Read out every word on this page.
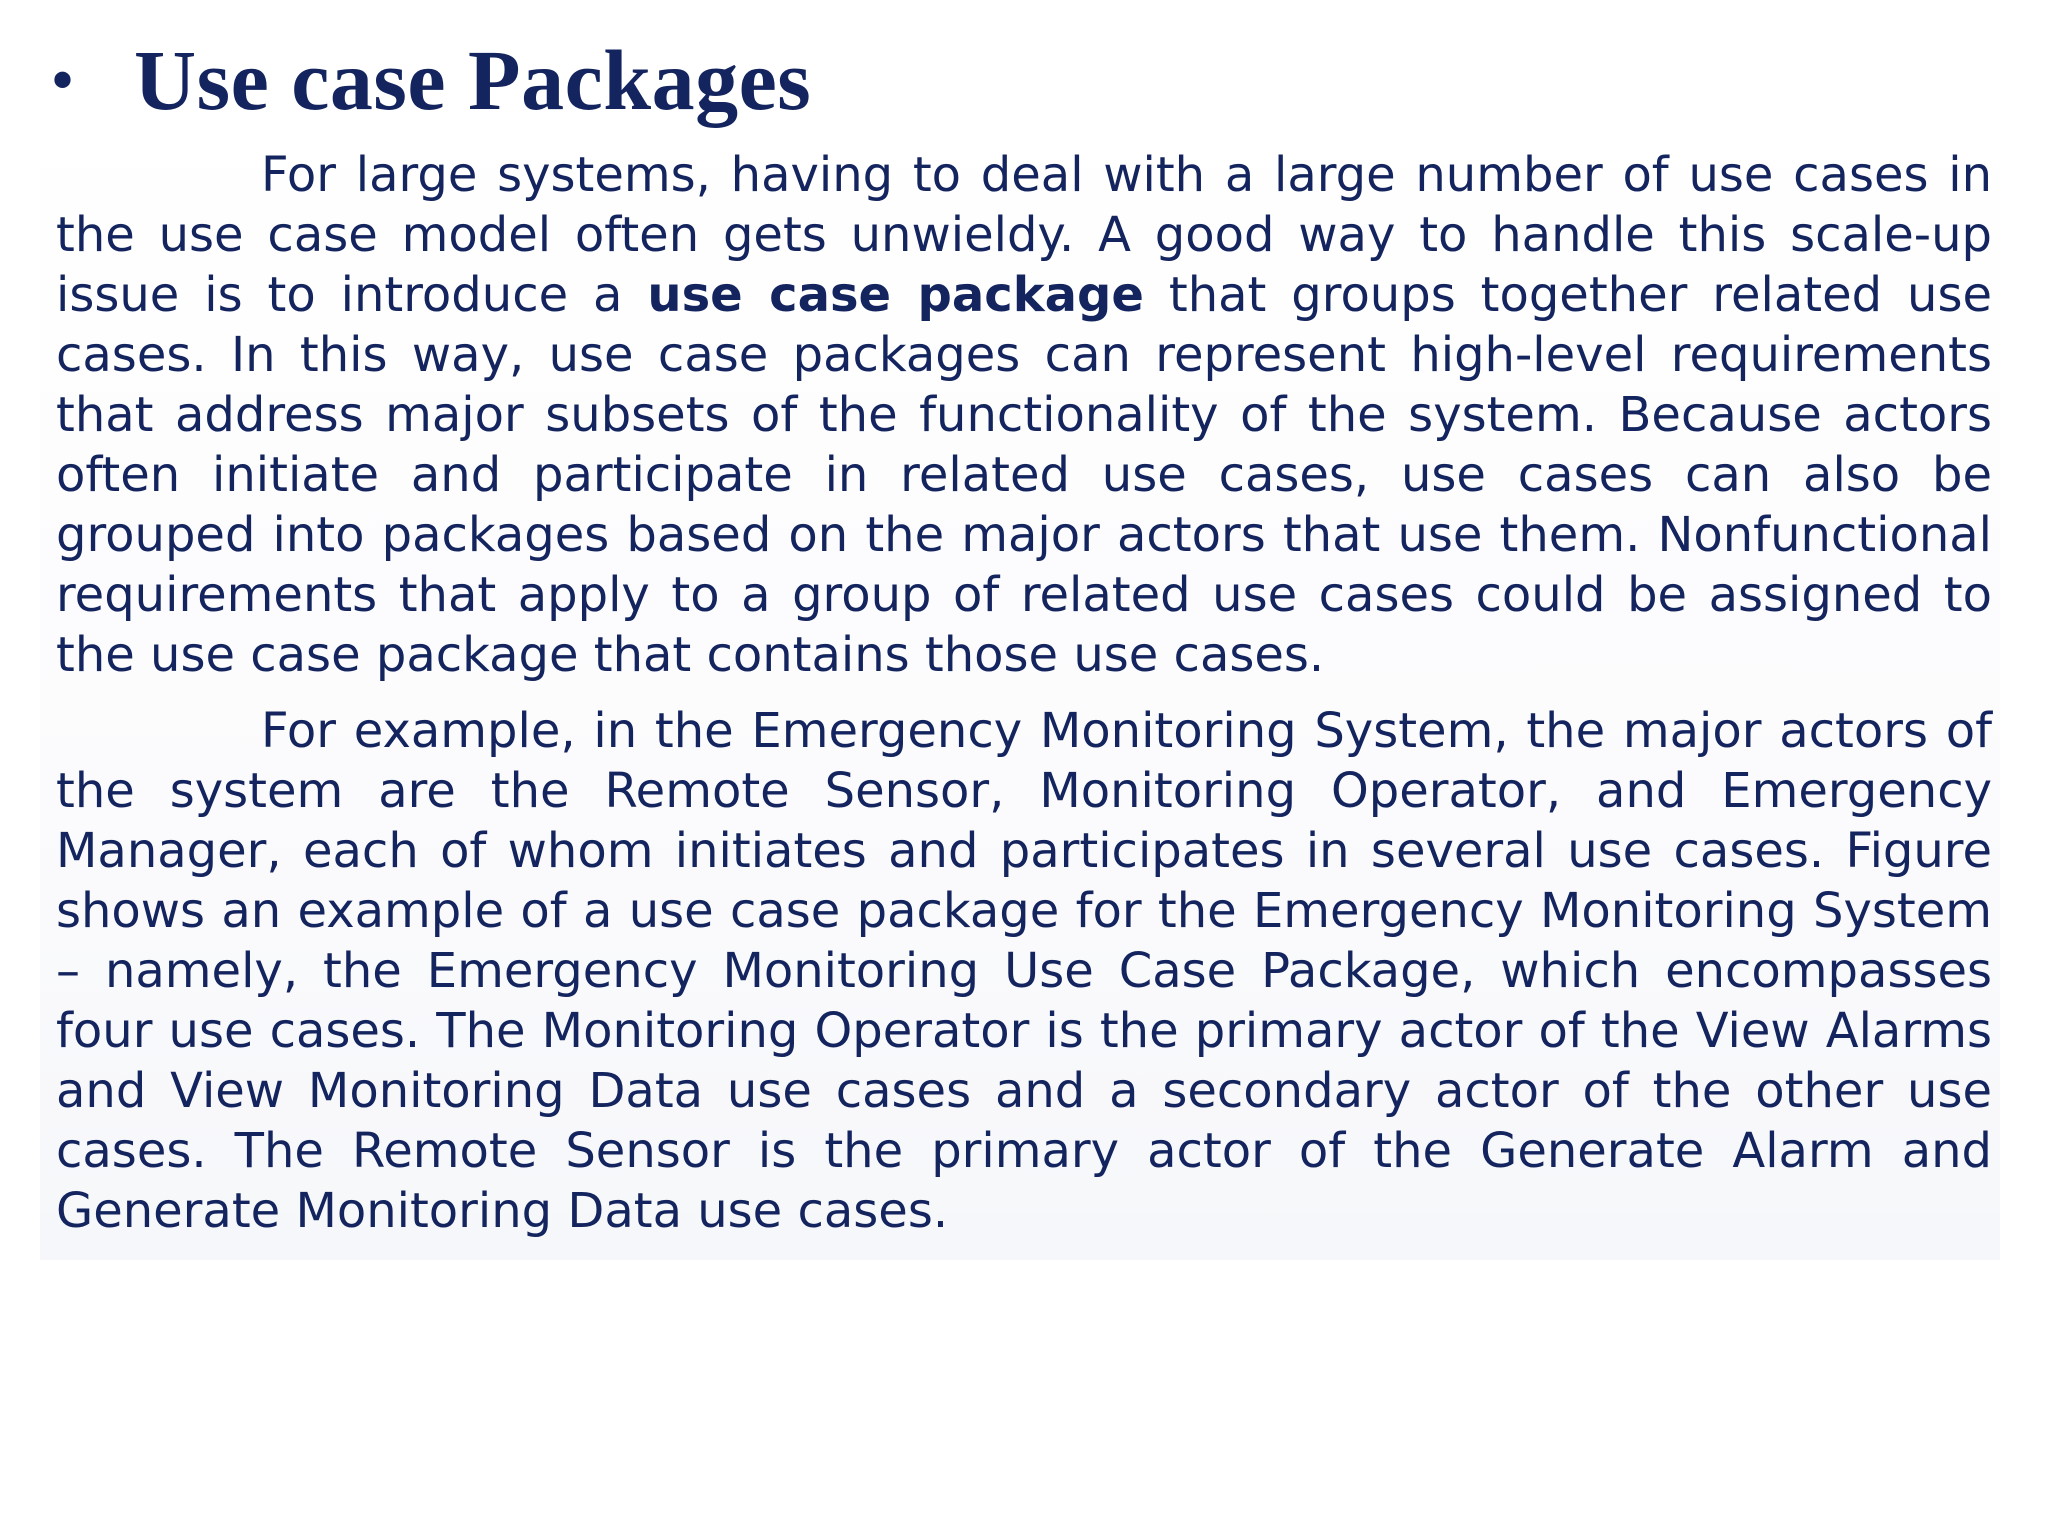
• Use case Packages

For large systems, having to deal with a large number of use cases in the use case model often gets unwieldy. A good way to handle this scale-up issue is to introduce a use case package that groups together related use cases. In this way, use case packages can represent high-level requirements that address major subsets of the functionality of the system. Because actors often initiate and participate in related use cases, use cases can also be grouped into packages based on the major actors that use them. Nonfunctional requirements that apply to a group of related use cases could be assigned to the use case package that contains those use cases.

For example, in the Emergency Monitoring System, the major actors of the system are the Remote Sensor, Monitoring Operator, and Emergency Manager, each of whom initiates and participates in several use cases. Figure shows an example of a use case package for the Emergency Monitoring System – namely, the Emergency Monitoring Use Case Package, which encompasses four use cases. The Monitoring Operator is the primary actor of the View Alarms and View Monitoring Data use cases and a secondary actor of the other use cases. The Remote Sensor is the primary actor of the Generate Alarm and Generate Monitoring Data use cases.
